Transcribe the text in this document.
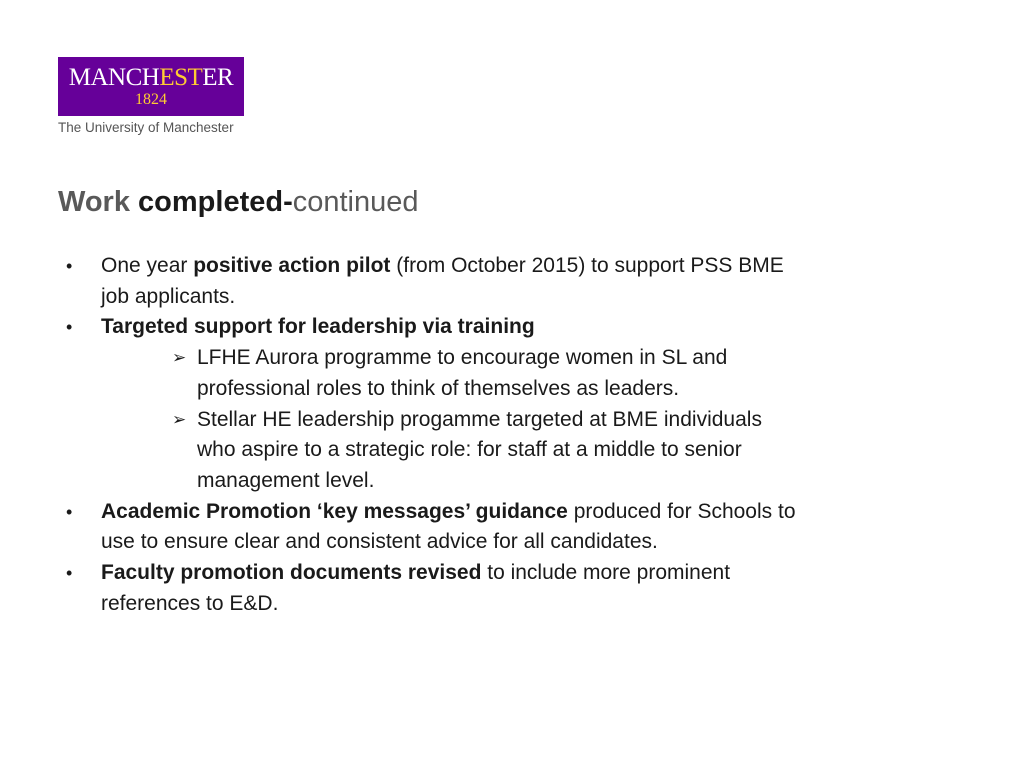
MANCHESTER
1824
The University of Manchester
Work completed-continued
•	One year positive action pilot (from October 2015) to support PSS BME job applicants.
•	Targeted support for leadership via training
➢ LFHE Aurora programme to encourage women in SL and professional roles to think of themselves as leaders.
➢ Stellar HE leadership progamme targeted at BME individuals who aspire to a strategic role: for staff at a middle to senior management level.
•	Academic Promotion ‘key messages’ guidance produced for Schools to use to ensure clear and consistent advice for all candidates.
•	Faculty promotion documents revised to include more prominent references to E&D.
